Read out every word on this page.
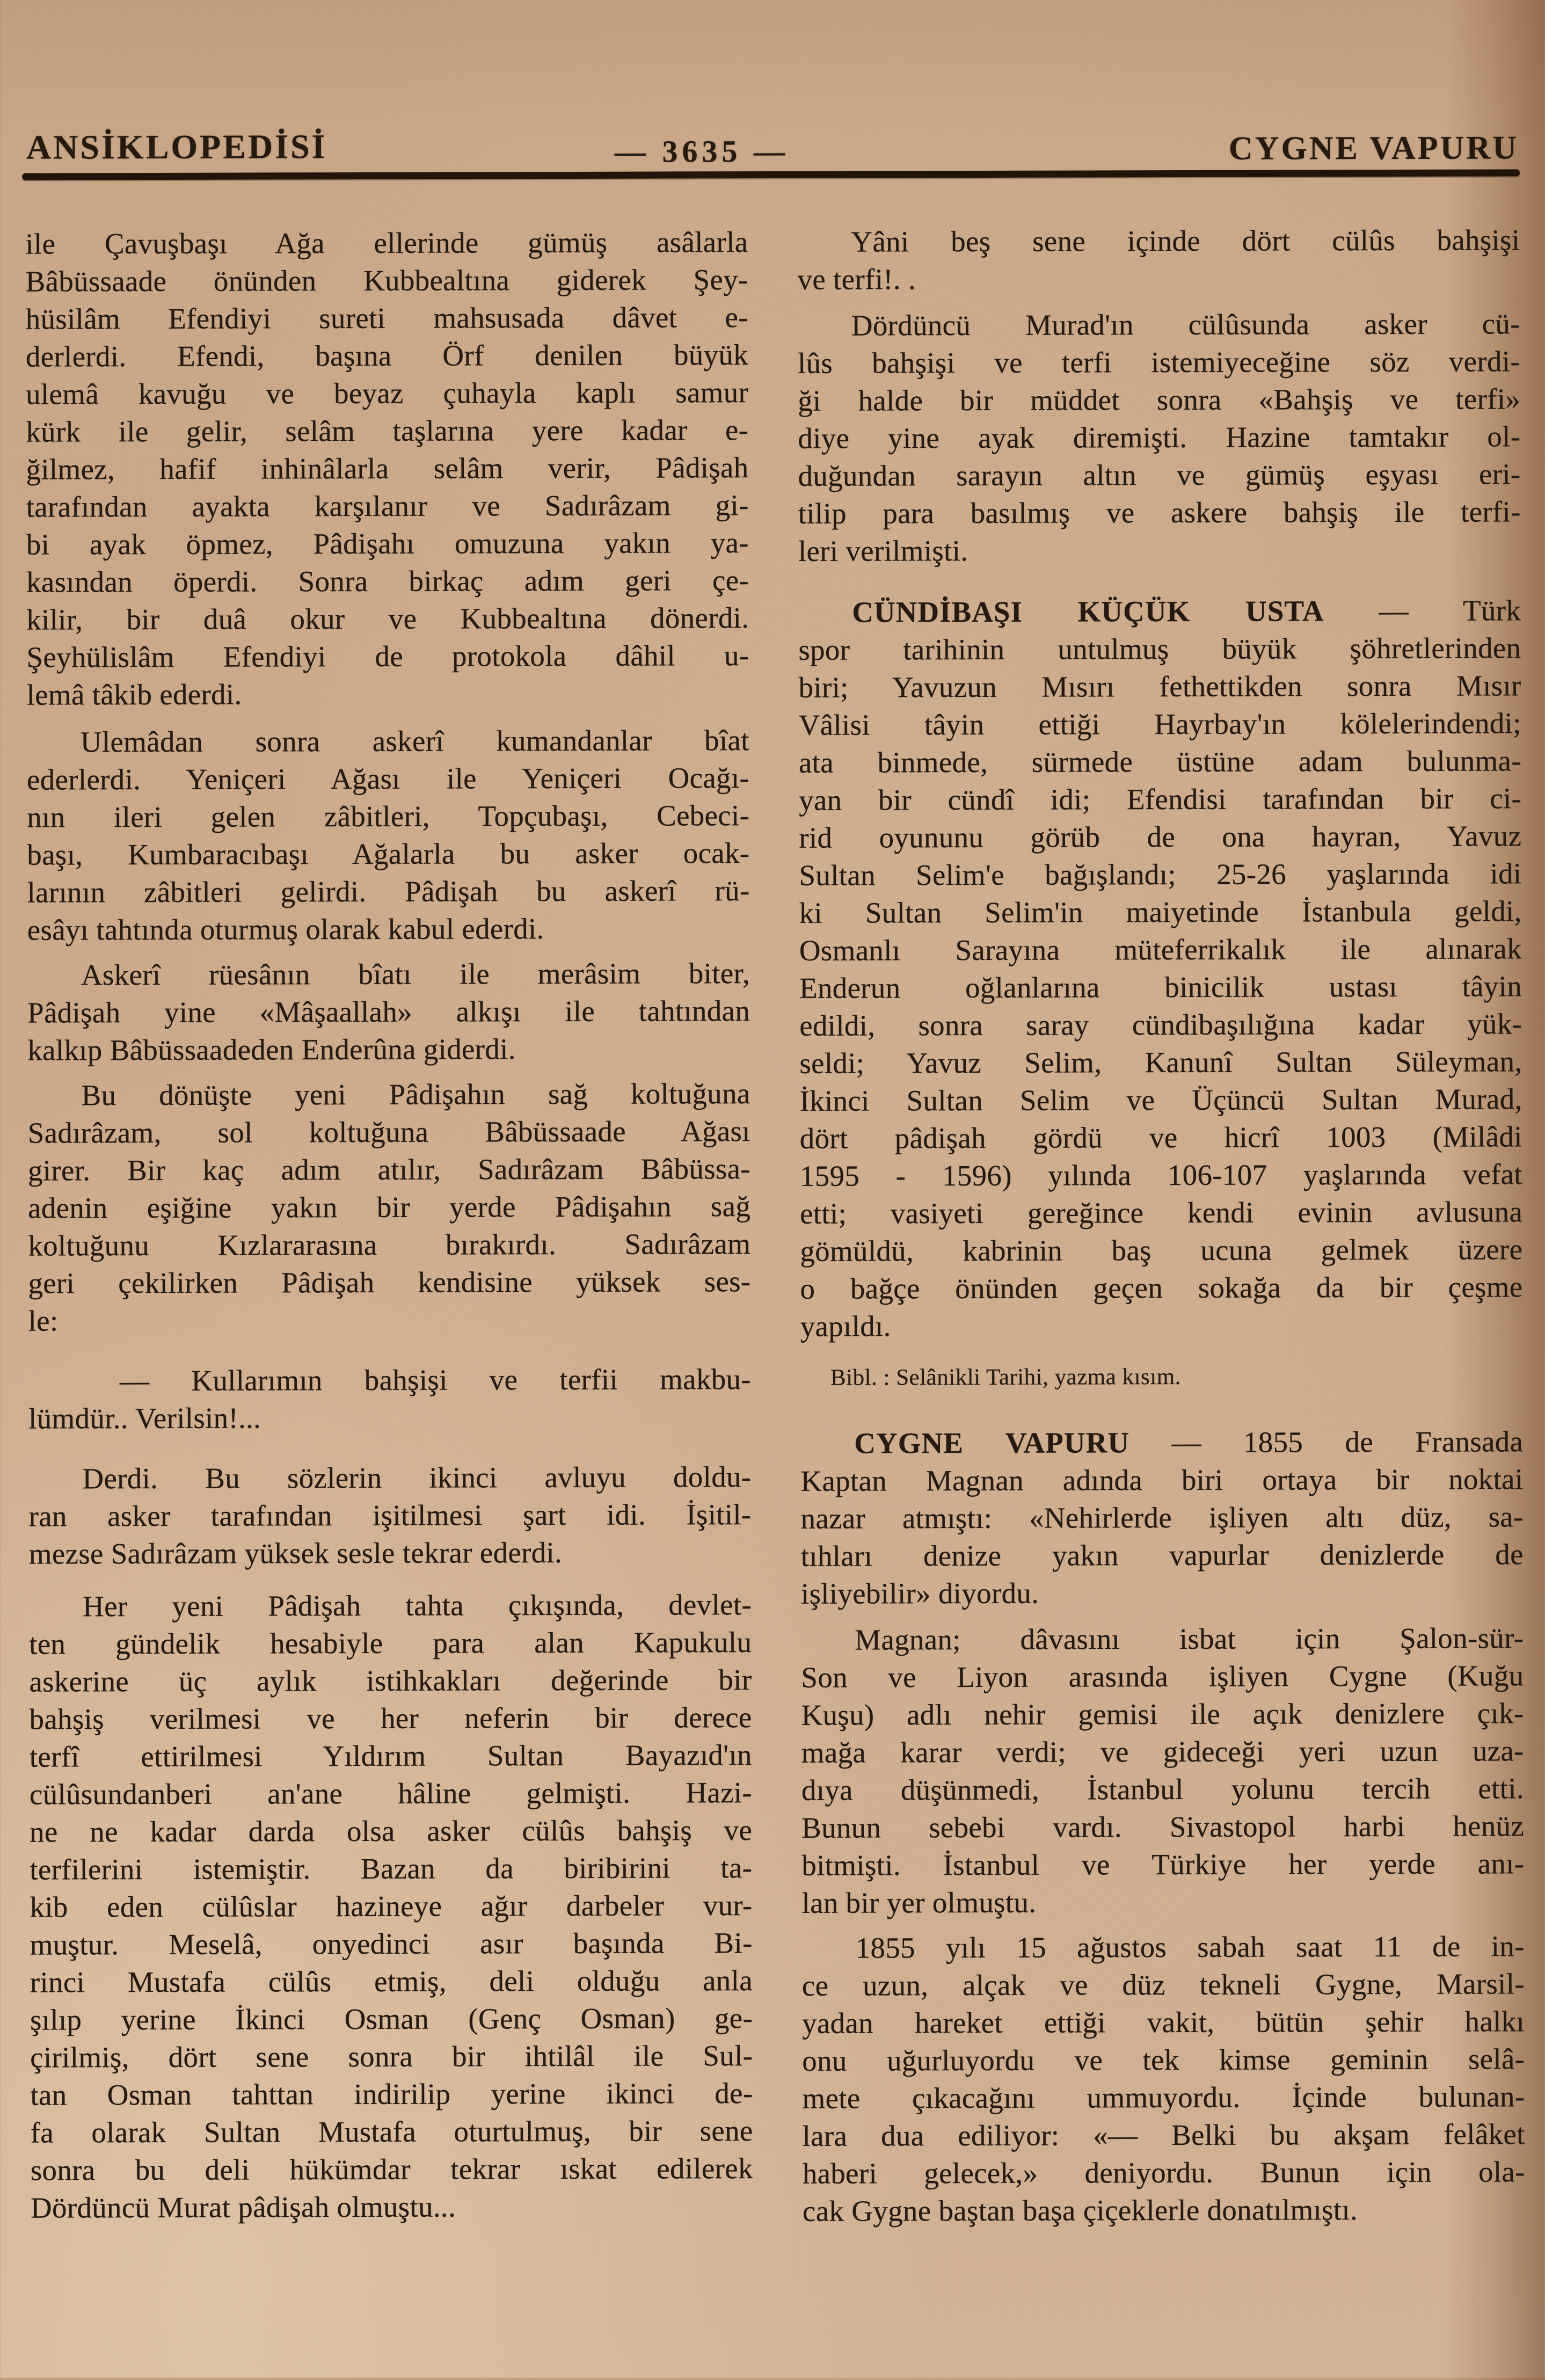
ANSİKLOPEDİSİ	— 3635 —	CYGNE VAPURU
ile Çavuşbaşı Ağa ellerinde gümüş asâlarla
Bâbüssaade önünden Kubbealtına giderek Şey-
hüsilâm Efendiyi sureti mahsusada dâvet e-
derlerdi. Efendi, başına Örf denilen büyük
ulemâ kavuğu ve beyaz çuhayla kaplı samur
kürk ile gelir, selâm taşlarına yere kadar e-
ğilmez, hafif inhinâlarla selâm verir, Pâdişah
tarafından ayakta karşılanır ve Sadırâzam gi-
bi ayak öpmez, Pâdişahı omuzuna yakın ya-
kasından öperdi. Sonra birkaç adım geri çe-
kilir, bir duâ okur ve Kubbealtına dönerdi.
Şeyhülislâm Efendiyi de protokola dâhil u-
lemâ tâkib ederdi.
Ulemâdan sonra askerî kumandanlar bîat
ederlerdi. Yeniçeri Ağası ile Yeniçeri Ocağı-
nın ileri gelen zâbitleri, Topçubaşı, Cebeci-
başı, Kumbaracıbaşı Ağalarla bu asker ocak-
larının zâbitleri gelirdi. Pâdişah bu askerî rü-
esâyı tahtında oturmuş olarak kabul ederdi.
Askerî rüesânın bîatı ile merâsim biter,
Pâdişah yine «Mâşaallah» alkışı ile tahtından
kalkıp Bâbüssaadeden Enderûna giderdi.
Bu dönüşte yeni Pâdişahın sağ koltuğuna
Sadırâzam, sol koltuğuna Bâbüssaade Ağası
girer. Bir kaç adım atılır, Sadırâzam Bâbüssa-
adenin eşiğine yakın bir yerde Pâdişahın sağ
koltuğunu Kızlararasına bırakırdı. Sadırâzam
geri çekilirken Pâdişah kendisine yüksek ses-
le:
— Kullarımın bahşişi ve terfii makbu-
lümdür.. Verilsin!...
Derdi. Bu sözlerin ikinci avluyu doldu-
ran asker tarafından işitilmesi şart idi. İşitil-
mezse Sadırâzam yüksek sesle tekrar ederdi.
Her yeni Pâdişah tahta çıkışında, devlet-
ten gündelik hesabiyle para alan Kapukulu
askerine üç aylık istihkakları değerinde bir
bahşiş verilmesi ve her neferin bir derece
terfî ettirilmesi Yıldırım Sultan Bayazıd'ın
cülûsundanberi an'ane hâline gelmişti. Hazi-
ne ne kadar darda olsa asker cülûs bahşiş ve
terfilerini istemiştir. Bazan da biribirini ta-
kib eden cülûslar hazineye ağır darbeler vur-
muştur. Meselâ, onyedinci asır başında Bi-
rinci Mustafa cülûs etmiş, deli olduğu anla
şılıp yerine İkinci Osman (Genç Osman) ge-
çirilmiş, dört sene sonra bir ihtilâl ile Sul-
tan Osman tahttan indirilip yerine ikinci de-
fa olarak Sultan Mustafa oturtulmuş, bir sene
sonra bu deli hükümdar tekrar ıskat edilerek
Dördüncü Murat pâdişah olmuştu...
Yâni beş sene içinde dört cülûs bahşişi
ve terfi!. .
Dördüncü Murad'ın cülûsunda asker cü-
lûs bahşişi ve terfi istemiyeceğine söz verdi-
ği halde bir müddet sonra «Bahşiş ve terfi»
diye yine ayak diremişti. Hazine tamtakır ol-
duğundan sarayın altın ve gümüş eşyası eri-
tilip para basılmış ve askere bahşiş ile terfi-
leri verilmişti.
CÜNDİBAŞI KÜÇÜK USTA — Türk
spor tarihinin untulmuş büyük şöhretlerinden
biri; Yavuzun Mısırı fethettikden sonra Mısır
Vâlisi tâyin ettiği Hayrbay'ın kölelerindendi;
ata binmede, sürmede üstüne adam bulunma-
yan bir cündî idi; Efendisi tarafından bir ci-
rid oyununu görüb de ona hayran, Yavuz
Sultan Selim'e bağışlandı; 25-26 yaşlarında idi
ki Sultan Selim'in maiyetinde İstanbula geldi,
Osmanlı Sarayına müteferrikalık ile alınarak
Enderun oğlanlarına binicilik ustası tâyin
edildi, sonra saray cündibaşılığına kadar yük-
seldi; Yavuz Selim, Kanunî Sultan Süleyman,
İkinci Sultan Selim ve Üçüncü Sultan Murad,
dört pâdişah gördü ve hicrî 1003 (Milâdi
1595 - 1596) yılında 106-107 yaşlarında vefat
etti; vasiyeti gereğince kendi evinin avlusuna
gömüldü, kabrinin baş ucuna gelmek üzere
o bağçe önünden geçen sokağa da bir çeşme
yapıldı.
Bibl. : Selânikli Tarihi, yazma kısım.
CYGNE VAPURU — 1855 de Fransada
Kaptan Magnan adında biri ortaya bir noktai
nazar atmıştı: «Nehirlerde işliyen altı düz, sa-
tıhları denize yakın vapurlar denizlerde de
işliyebilir» diyordu.
Magnan; dâvasını isbat için Şalon-sür-
Son ve Liyon arasında işliyen Cygne (Kuğu
Kuşu) adlı nehir gemisi ile açık denizlere çık-
mağa karar verdi; ve gideceği yeri uzun uza-
dıya düşünmedi, İstanbul yolunu tercih etti.
Bunun sebebi vardı. Sivastopol harbi henüz
bitmişti. İstanbul ve Türkiye her yerde anı-
lan bir yer olmuştu.
1855 yılı 15 ağustos sabah saat 11 de in-
ce uzun, alçak ve düz tekneli Gygne, Marsil-
yadan hareket ettiği vakit, bütün şehir halkı
onu uğurluyordu ve tek kimse geminin selâ-
mete çıkacağını ummuyordu. İçinde bulunan-
lara dua ediliyor: «— Belki bu akşam felâket
haberi gelecek,» deniyordu. Bunun için ola-
cak Gygne baştan başa çiçeklerle donatılmıştı.
